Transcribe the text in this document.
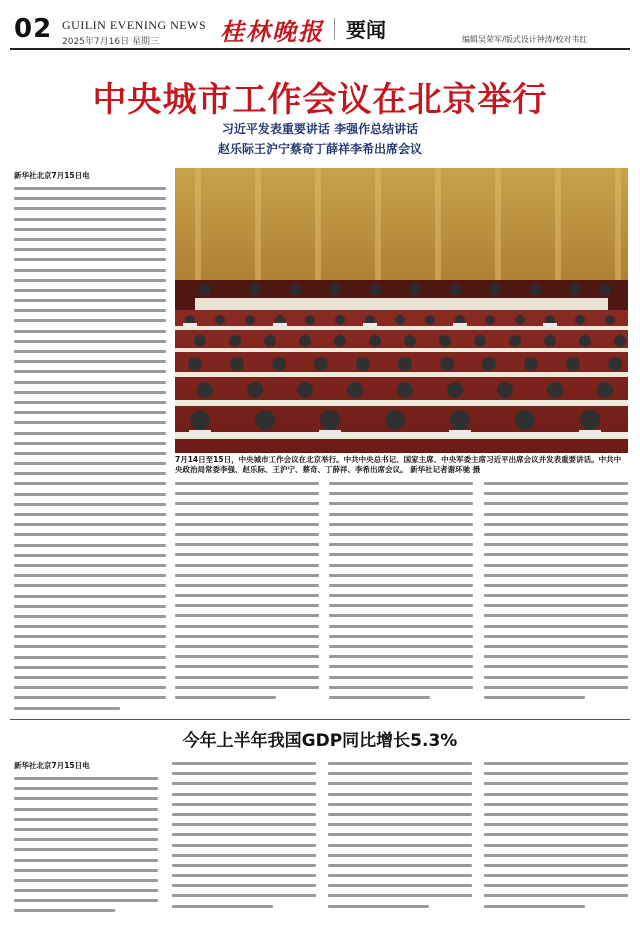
02 GUILIN EVENING NEWS
2025年7月16日 星期三	桂林晚报 要闻	编辑吴荣军/版式设计钟涛/校对韦红
中央城市工作会议在北京举行
习近平发表重要讲话 李强作总结讲话
赵乐际王沪宁蔡奇丁薛祥李希出席会议
7月14日至15日，中央城市工作会议在北京举行。中共中央总书记、国家主席、中央军委主席习近平出席会议并发表重要讲话。中共中央政治局常委李强、赵乐际、王沪宁、蔡奇、丁薛祥、李希出席会议。 新华社记者谢环驰 摄
新华社北京7月15日电
今年上半年我国GDP同比增长5.3%
新华社北京7月15日电
